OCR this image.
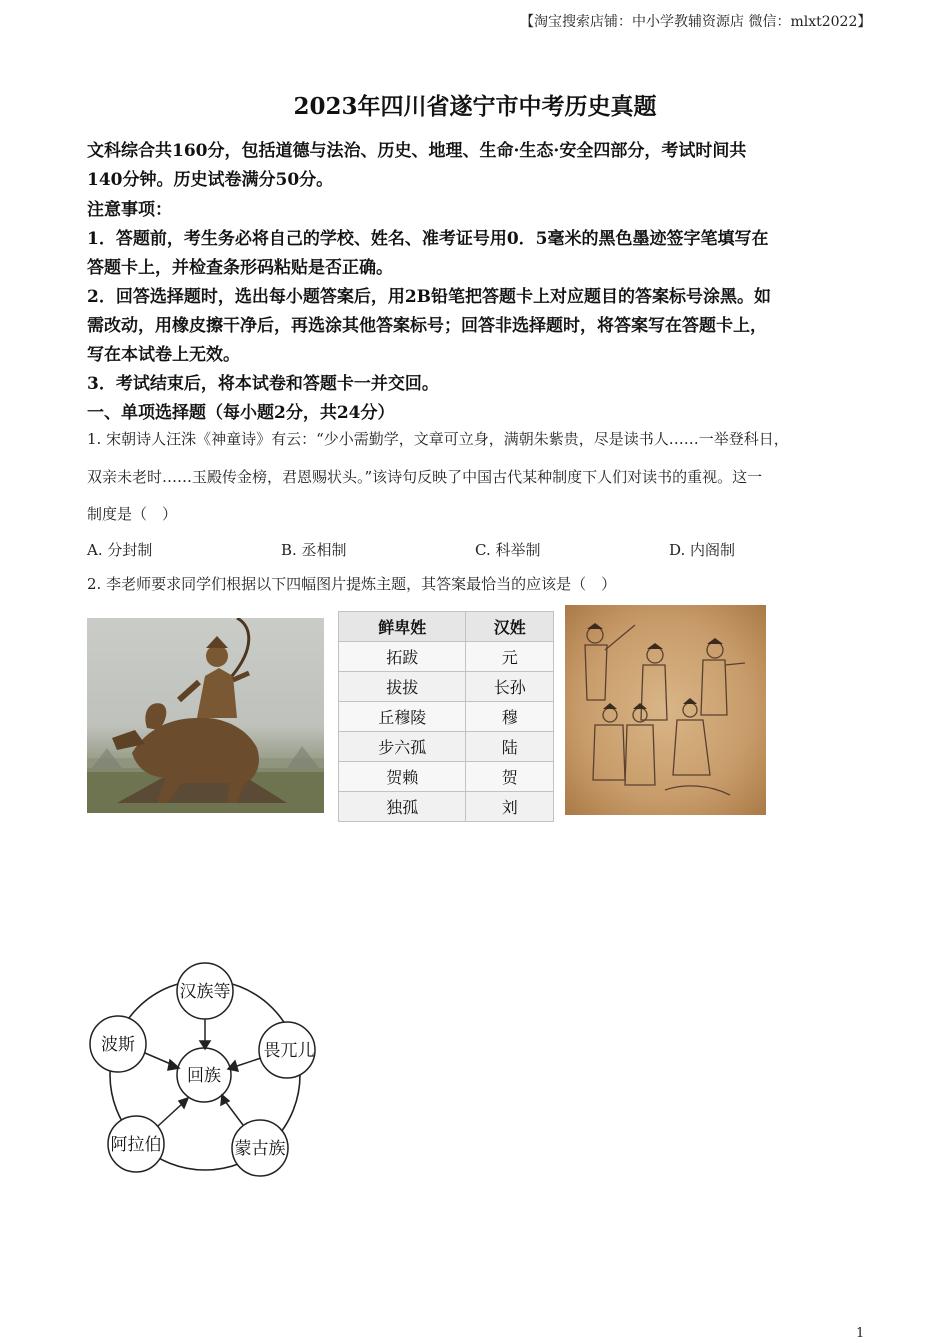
【淘宝搜索店铺：中小学教辅资源店 微信：mlxt2022】
2023年四川省遂宁市中考历史真题
文科综合共160分，包括道德与法治、历史、地理、生命·生态·安全四部分，考试时间共
140分钟。历史试卷满分50分。
注意事项：
1．答题前，考生务必将自己的学校、姓名、准考证号用0．5毫米的黑色墨迹签字笔填写在
答题卡上，并检查条形码粘贴是否正确。
2．回答选择题时，选出每小题答案后，用2B铅笔把答题卡上对应题目的答案标号涂黑。如
需改动，用橡皮擦干净后，再选涂其他答案标号；回答非选择题时，将答案写在答题卡上，
写在本试卷上无效。
3．考试结束后，将本试卷和答题卡一并交回。
一、单项选择题（每小题2分，共24分）
1. 宋朝诗人汪洙《神童诗》有云：“少小需勤学，文章可立身，满朝朱紫贵，尽是读书人……一举登科日，
双亲未老时……玉殿传金榜，君恩赐状头。”该诗句反映了中国古代某种制度下人们对读书的重视。这一
制度是（　）
A. 分封制	B. 丞相制	C. 科举制	D. 内阁制
2. 李老师要求同学们根据以下四幅图片提炼主题，其答案最恰当的应该是（　）
鲜卑姓	汉姓
拓跋	元
拔拔	长孙
丘穆陵	穆
步六孤	陆
贺赖	贺
独孤	刘
回族
汉族等
畏兀儿
蒙古族
阿拉伯
波斯
1
